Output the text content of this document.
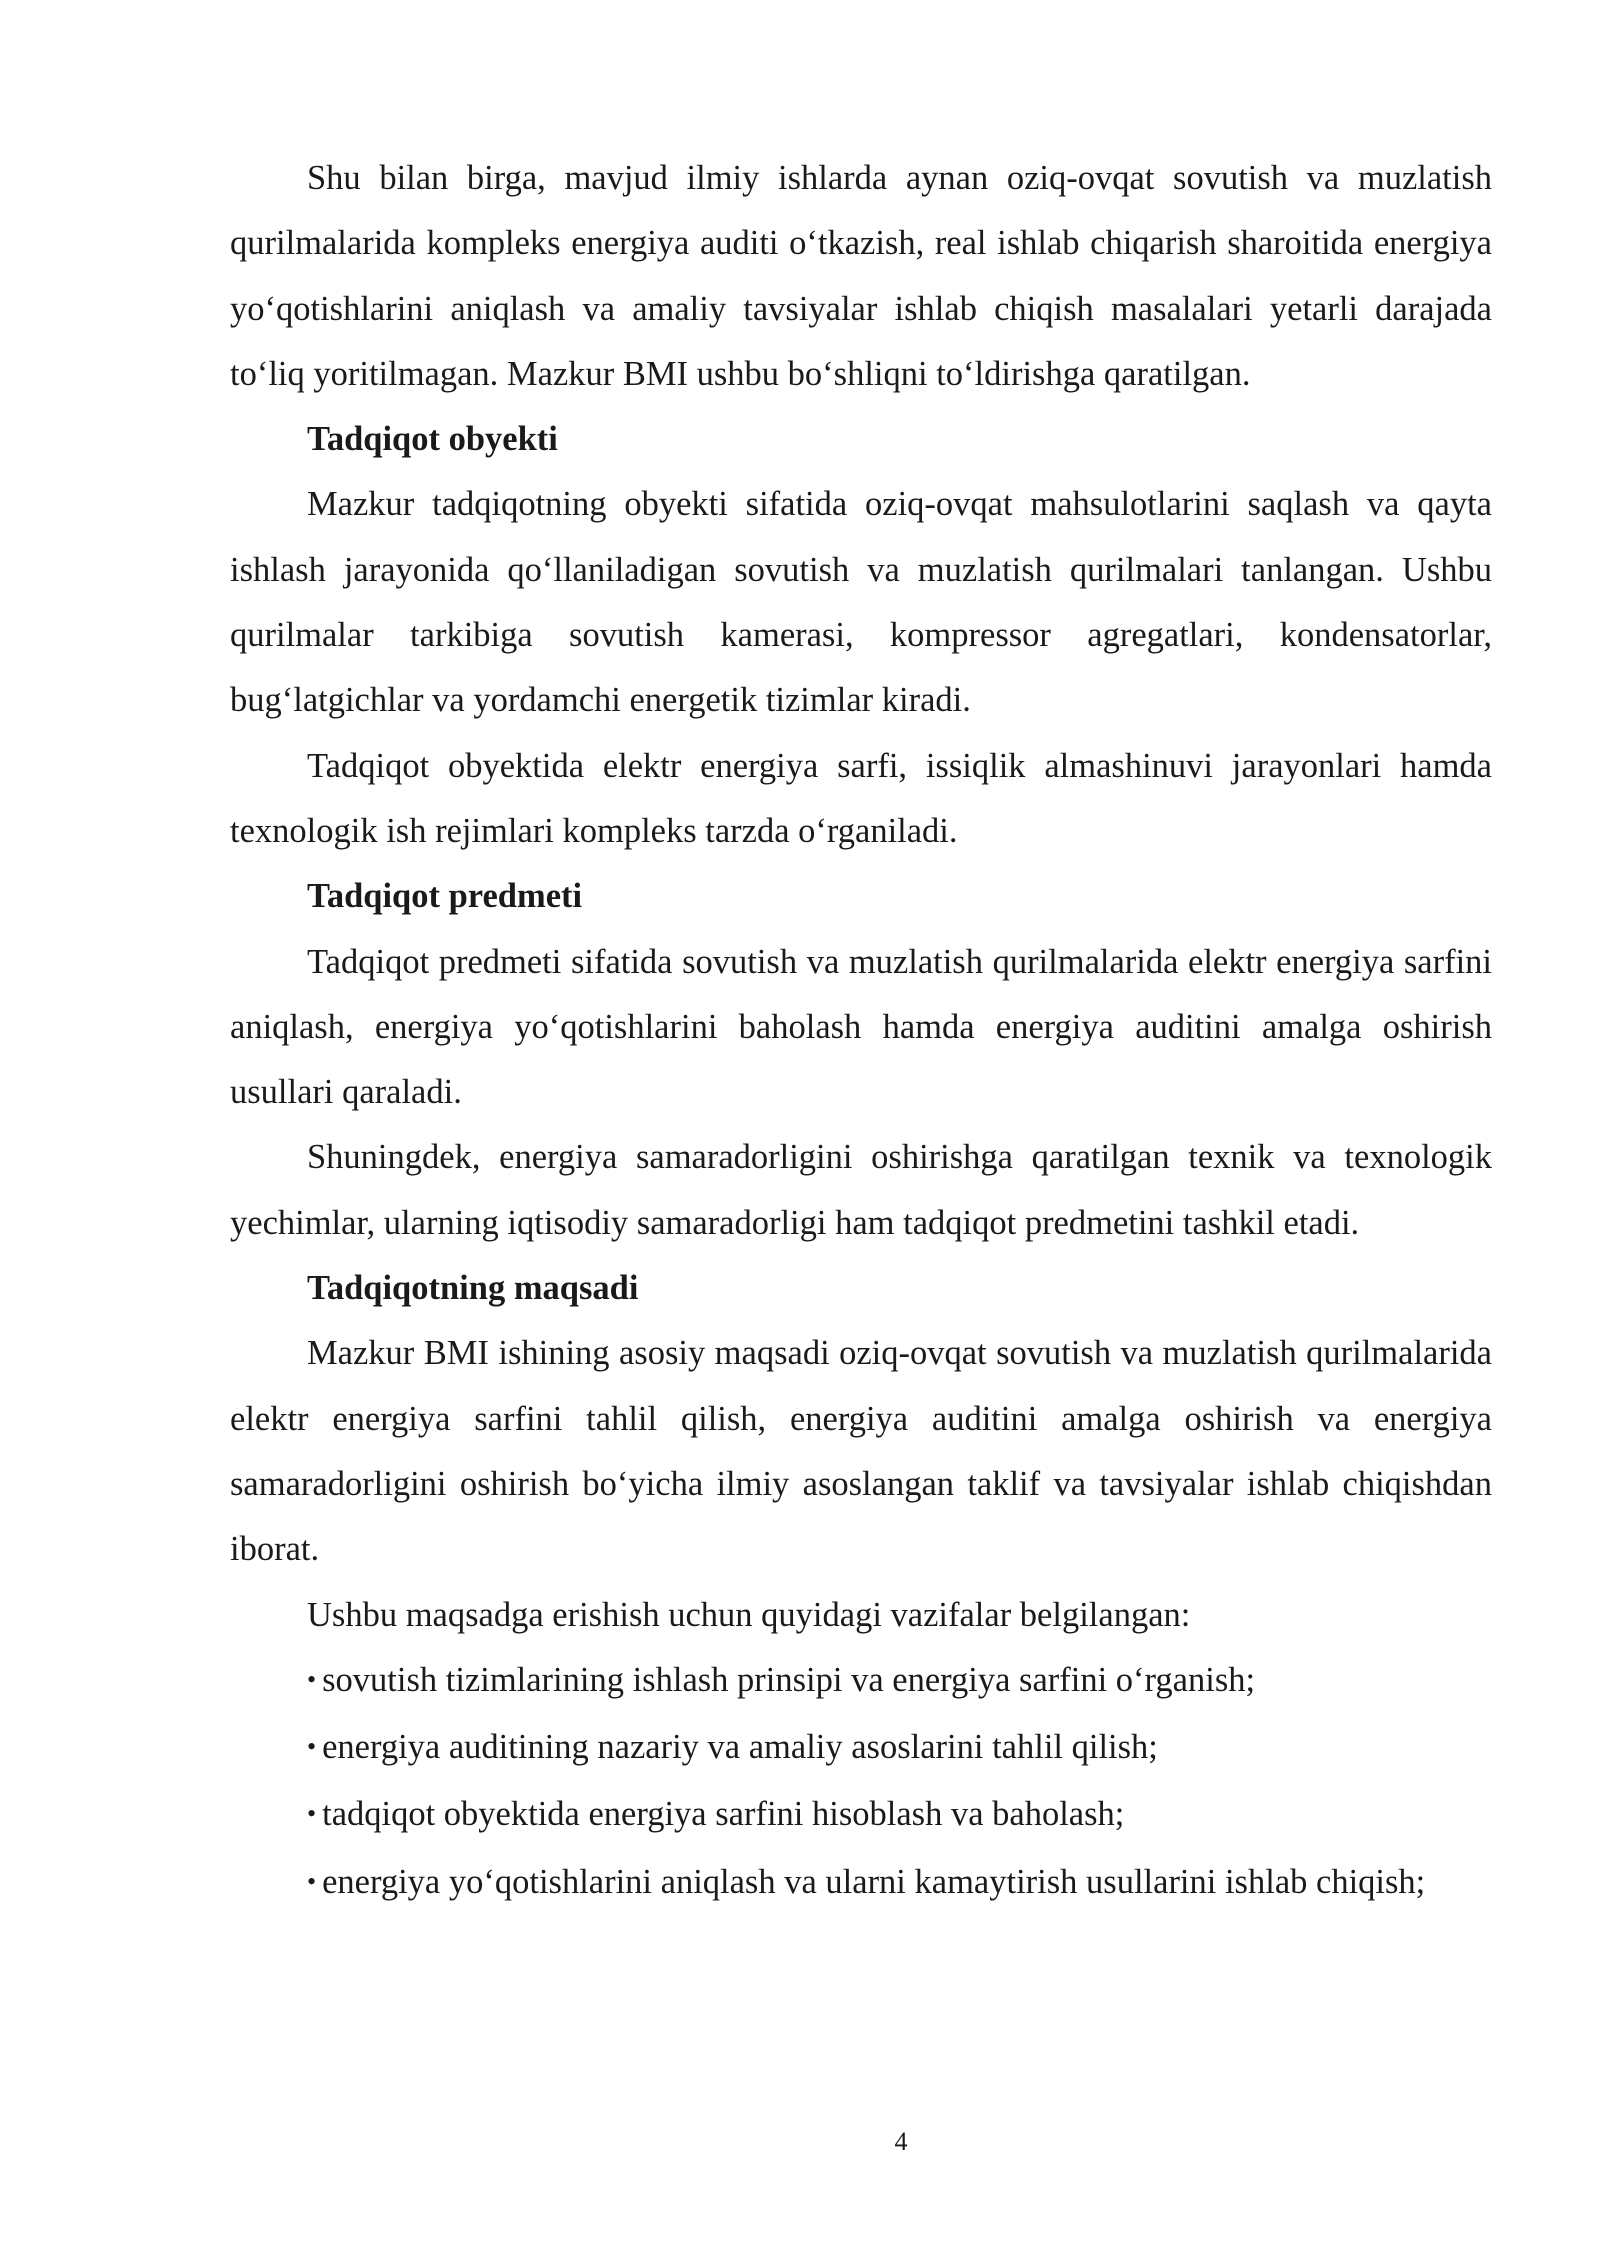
Shu bilan birga, mavjud ilmiy ishlarda aynan oziq-ovqat sovutish va muzlatish qurilmalarida kompleks energiya auditi o‘tkazish, real ishlab chiqarish sharoitida energiya yo‘qotishlarini aniqlash va amaliy tavsiyalar ishlab chiqish masalalari yetarli darajada to‘liq yoritilmagan. Mazkur BMI ushbu bo‘shliqni to‘ldirishga qaratilgan.

Tadqiqot obyekti

Mazkur tadqiqotning obyekti sifatida oziq-ovqat mahsulotlarini saqlash va qayta ishlash jarayonida qo‘llaniladigan sovutish va muzlatish qurilmalari tanlangan. Ushbu qurilmalar tarkibiga sovutish kamerasi, kompressor agregatlari, kondensatorlar, bug‘latgichlar va yordamchi energetik tizimlar kiradi.

Tadqiqot obyektida elektr energiya sarfi, issiqlik almashinuvi jarayonlari hamda texnologik ish rejimlari kompleks tarzda o‘rganiladi.

Tadqiqot predmeti

Tadqiqot predmeti sifatida sovutish va muzlatish qurilmalarida elektr energiya sarfini aniqlash, energiya yo‘qotishlarini baholash hamda energiya auditini amalga oshirish usullari qaraladi.

Shuningdek, energiya samaradorligini oshirishga qaratilgan texnik va texnologik yechimlar, ularning iqtisodiy samaradorligi ham tadqiqot predmetini tashkil etadi.

Tadqiqotning maqsadi

Mazkur BMI ishining asosiy maqsadi oziq-ovqat sovutish va muzlatish qurilmalarida elektr energiya sarfini tahlil qilish, energiya auditini amalga oshirish va energiya samaradorligini oshirish bo‘yicha ilmiy asoslangan taklif va tavsiyalar ishlab chiqishdan iborat.

Ushbu maqsadga erishish uchun quyidagi vazifalar belgilangan:

• sovutish tizimlarining ishlash prinsipi va energiya sarfini o‘rganish;

• energiya auditining nazariy va amaliy asoslarini tahlil qilish;

• tadqiqot obyektida energiya sarfini hisoblash va baholash;

• energiya yo‘qotishlarini aniqlash va ularni kamaytirish usullarini ishlab chiqish;

4
